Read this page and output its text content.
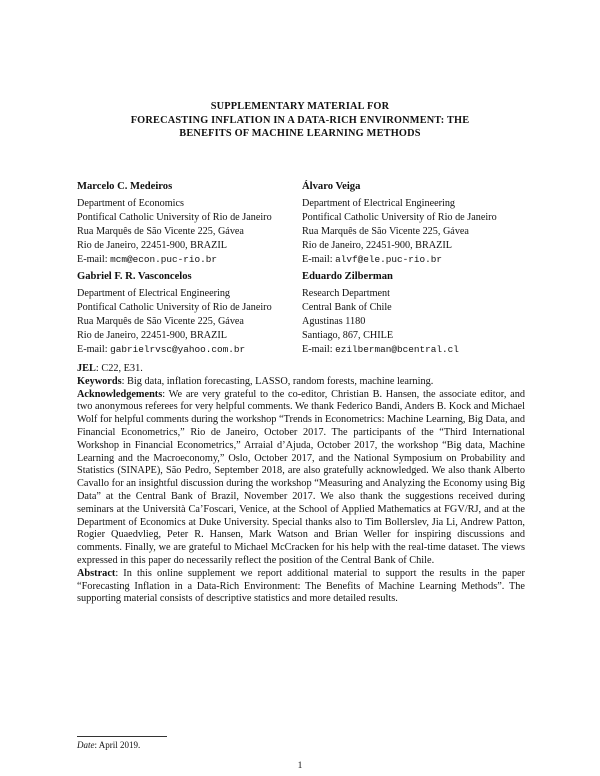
SUPPLEMENTARY MATERIAL FOR
FORECASTING INFLATION IN A DATA-RICH ENVIRONMENT: THE
BENEFITS OF MACHINE LEARNING METHODS
Marcelo C. Medeiros
Department of Economics
Pontifical Catholic University of Rio de Janeiro
Rua Marquês de São Vicente 225, Gávea
Rio de Janeiro, 22451-900, BRAZIL
E-mail: mcm@econ.puc-rio.br
Álvaro Veiga
Department of Electrical Engineering
Pontifical Catholic University of Rio de Janeiro
Rua Marquês de São Vicente 225, Gávea
Rio de Janeiro, 22451-900, BRAZIL
E-mail: alvf@ele.puc-rio.br
Gabriel F. R. Vasconcelos
Department of Electrical Engineering
Pontifical Catholic University of Rio de Janeiro
Rua Marquês de São Vicente 225, Gávea
Rio de Janeiro, 22451-900, BRAZIL
E-mail: gabrielrvsc@yahoo.com.br
Eduardo Zilberman
Research Department
Central Bank of Chile
Agustinas 1180
Santiago, 867, CHILE
E-mail: ezilberman@bcentral.cl

JEL: C22, E31.

Keywords: Big data, inflation forecasting, LASSO, random forests, machine learning.

Acknowledgements: We are very grateful to the co-editor, Christian B. Hansen, the associate editor, and two anonymous referees for very helpful comments. We thank Federico Bandi, Anders B. Kock and Michael Wolf for helpful comments during the workshop “Trends in Econometrics: Machine Learning, Big Data, and Financial Econometrics,” Rio de Janeiro, October 2017. The participants of the “Third International Workshop in Financial Econometrics,” Arraial d’Ajuda, October 2017, the workshop “Big data, Machine Learning and the Macroeconomy,” Oslo, October 2017, and the National Symposium on Probability and Statistics (SINAPE), São Pedro, September 2018, are also gratefully acknowledged. We also thank Alberto Cavallo for an insightful discussion during the workshop “Measuring and Analyzing the Economy using Big Data” at the Central Bank of Brazil, November 2017. We also thank the suggestions received during seminars at the Università Ca’Foscari, Venice, at the School of Applied Mathematics at FGV/RJ, and at the Department of Economics at Duke University. Special thanks also to Tim Bollerslev, Jia Li, Andrew Patton, Rogier Quaedvlieg, Peter R. Hansen, Mark Watson and Brian Weller for inspiring discussions and comments. Finally, we are grateful to Michael McCracken for his help with the real-time dataset. The views expressed in this paper do necessarily reflect the position of the Central Bank of Chile.

Abstract: In this online supplement we report additional material to support the results in the paper “Forecasting Inflation in a Data-Rich Environment: The Benefits of Machine Learning Methods”. The supporting material consists of descriptive statistics and more detailed results.

Date: April 2019.
1
